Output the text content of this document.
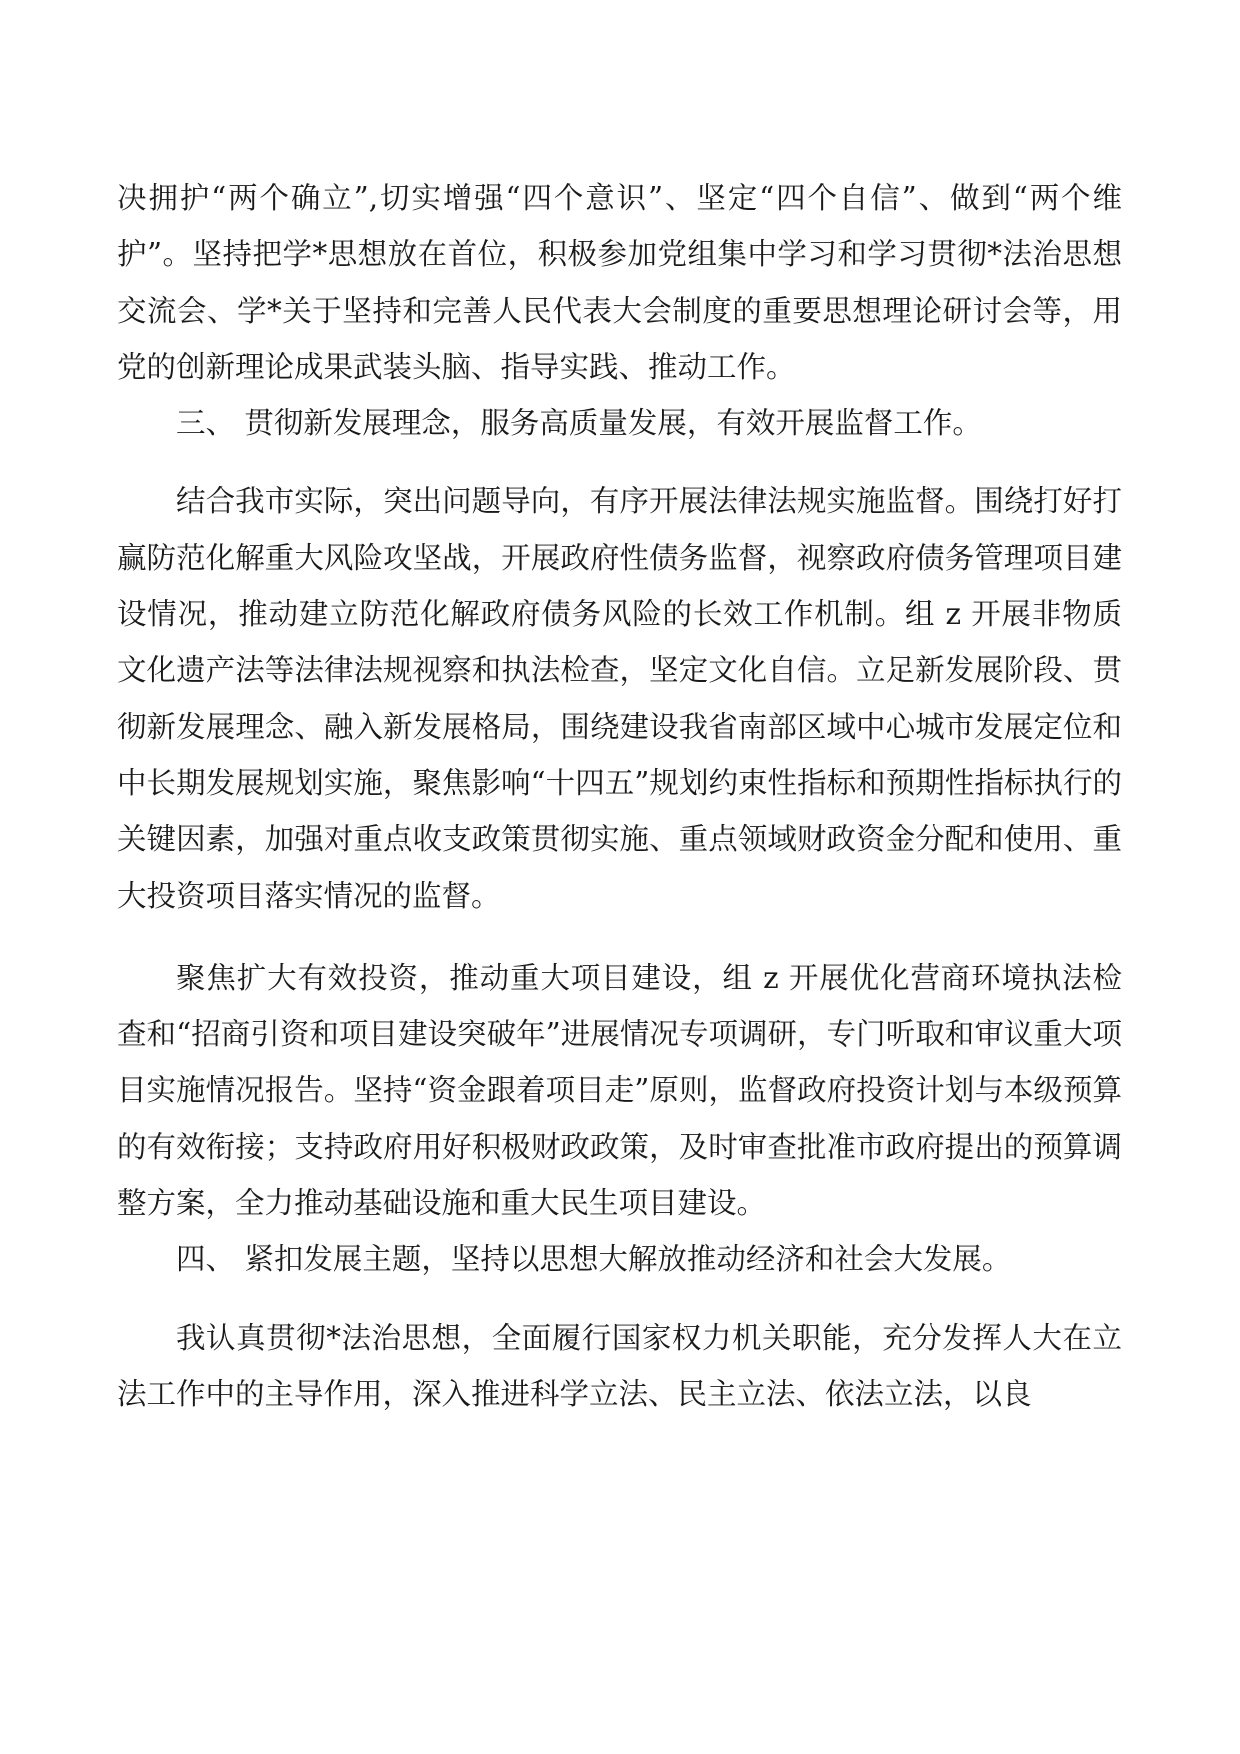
决拥护“两个确立”,切实增强“四个意识”、坚定“四个自信”、做到“两个维护”。坚持把学*思想放在首位，积极参加党组集中学习和学习贯彻*法治思想交流会、学*关于坚持和完善人民代表大会制度的重要思想理论研讨会等，用党的创新理论成果武装头脑、指导实践、推动工作。

三、 贯彻新发展理念，服务高质量发展，有效开展监督工作。

结合我市实际，突出问题导向，有序开展法律法规实施监督。围绕打好打赢防范化解重大风险攻坚战，开展政府性债务监督，视察政府债务管理项目建设情况，推动建立防范化解政府债务风险的长效工作机制。组 z 开展非物质文化遗产法等法律法规视察和执法检查，坚定文化自信。立足新发展阶段、贯彻新发展理念、融入新发展格局，围绕建设我省南部区域中心城市发展定位和中长期发展规划实施，聚焦影响“十四五”规划约束性指标和预期性指标执行的关键因素，加强对重点收支政策贯彻实施、重点领域财政资金分配和使用、重大投资项目落实情况的监督。

聚焦扩大有效投资，推动重大项目建设，组 z 开展优化营商环境执法检查和“招商引资和项目建设突破年”进展情况专项调研，专门听取和审议重大项目实施情况报告。坚持“资金跟着项目走”原则，监督政府投资计划与本级预算的有效衔接；支持政府用好积极财政政策，及时审查批准市政府提出的预算调整方案，全力推动基础设施和重大民生项目建设。

四、 紧扣发展主题，坚持以思想大解放推动经济和社会大发展。

我认真贯彻*法治思想，全面履行国家权力机关职能，充分发挥人大在立法工作中的主导作用，深入推进科学立法、民主立法、依法立法，以良
